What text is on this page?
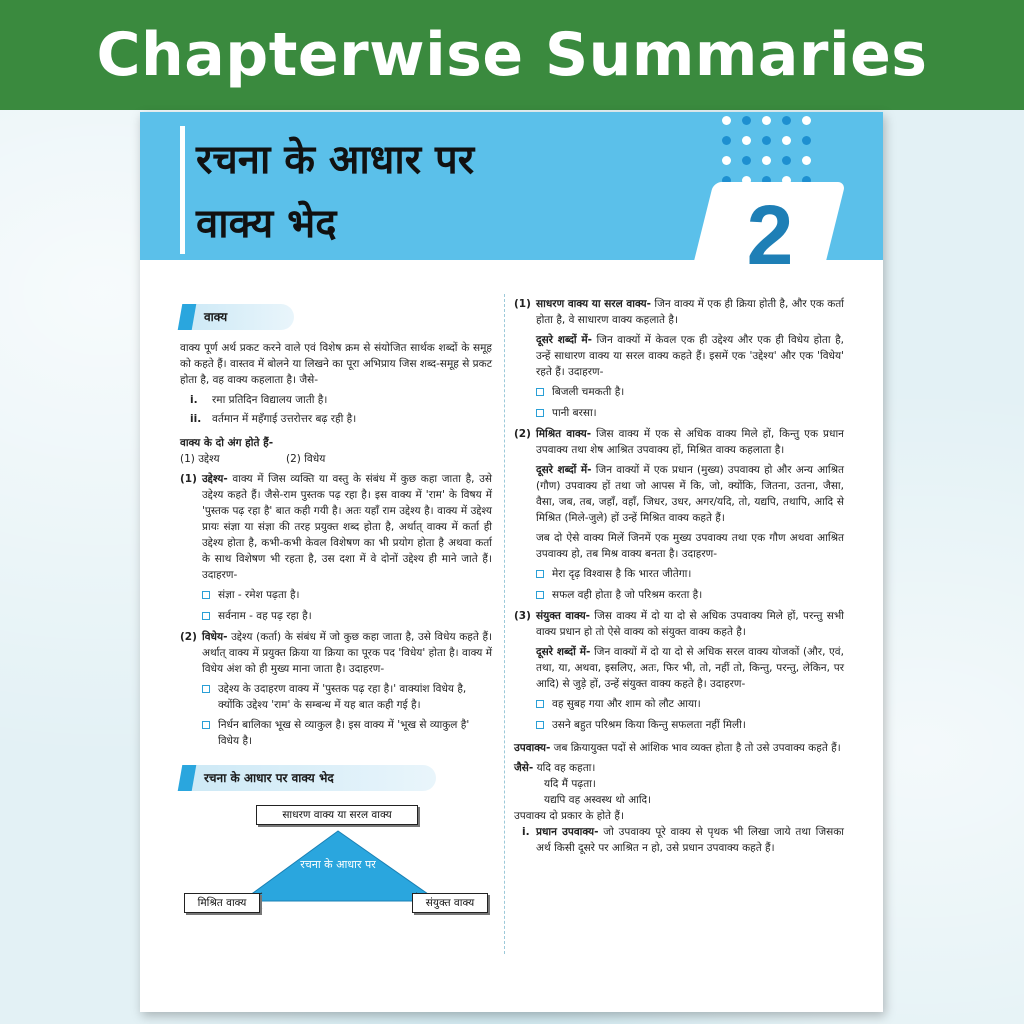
Chapterwise Summaries
रचना के आधार पर
वाक्य भेद	2
वाक्य

वाक्य पूर्ण अर्थ प्रकट करने वाले एवं विशेष क्रम से संयोजित सार्थक शब्दों के समूह को कहते हैं। वास्तव में बोलने या लिखने का पूरा अभिप्राय जिस शब्द-समूह से प्रकट होता है, वह वाक्य कहलाता है। जैसे-

i.	रमा प्रतिदिन विद्यालय जाती है।
ii.	वर्तमान में महँगाई उत्तरोत्तर बढ़ रही है।

वाक्य के दो अंग होते हैं-

(1) उद्देश्य	(2) विधेय
(1) उद्देश्य- वाक्य में जिस व्यक्ति या वस्तु के संबंध में कुछ कहा जाता है, उसे उद्देश्य कहते हैं। जैसे-राम पुस्तक पढ़ रहा है। इस वाक्य में 'राम' के विषय में 'पुस्तक पढ़ रहा है' बात कही गयी है। अतः यहाँ राम उद्देश्य है। वाक्य में उद्देश्य प्रायः संज्ञा या संज्ञा की तरह प्रयुक्त शब्द होता है, अर्थात् वाक्य में कर्ता ही उद्देश्य होता है, कभी-कभी केवल विशेषण का भी प्रयोग होता है अथवा कर्ता के साथ विशेषण भी रहता है, उस दशा में वे दोनों उद्देश्य ही माने जाते हैं। उदाहरण-
संज्ञा - रमेश पढ़ता है।
सर्वनाम - वह पढ़ रहा है।
(2) विधेय- उद्देश्य (कर्ता) के संबंध में जो कुछ कहा जाता है, उसे विधेय कहते हैं। अर्थात् वाक्य में प्रयुक्त क्रिया या क्रिया का पूरक पद 'विधेय' होता है। वाक्य में विधेय अंश को ही मुख्य माना जाता है। उदाहरण-
उद्देश्य के उदाहरण वाक्य में 'पुस्तक पढ़ रहा है।' वाक्यांश विधेय है, क्योंकि उद्देश्य 'राम' के सम्बन्ध में यह बात कही गई है।
निर्धन बालिका भूख से व्याकुल है। इस वाक्य में 'भूख से व्याकुल है' विधेय है।
रचना के आधार पर वाक्य भेद
साधरण वाक्य या सरल वाक्य
रचना के आधार पर
मिश्रित वाक्य	संयुक्त वाक्य
(1) साधरण वाक्य या सरल वाक्य- जिन वाक्य में एक ही क्रिया होती है, और एक कर्ता होता है, वे साधारण वाक्य कहलाते है।

दूसरे शब्दों में- जिन वाक्यों में केवल एक ही उद्देश्य और एक ही विधेय होता है, उन्हें साधारण वाक्य या सरल वाक्य कहते हैं। इसमें एक 'उद्देश्य' और एक 'विधेय' रहते हैं। उदाहरण-

बिजली चमकती है।
पानी बरसा।
(2) मिश्रित वाक्य- जिस वाक्य में एक से अधिक वाक्य मिले हों, किन्तु एक प्रधान उपवाक्य तथा शेष आश्रित उपवाक्य हों, मिश्रित वाक्य कहलाता है।

दूसरे शब्दों में- जिन वाक्यों में एक प्रधान (मुख्य) उपवाक्य हो और अन्य आश्रित (गौण) उपवाक्य हों तथा जो आपस में कि, जो, क्योंकि, जितना, उतना, जैसा, वैसा, जब, तब, जहाँ, वहाँ, जिधर, उधर, अगर/यदि, तो, यद्यपि, तथापि, आदि से मिश्रित (मिले-जुले) हों उन्हें मिश्रित वाक्य कहते हैं।

जब दो ऐसे वाक्य मिलें जिनमें एक मुख्य उपवाक्य तथा एक गौण अथवा आश्रित उपवाक्य हो, तब मिश्र वाक्य बनता है। उदाहरण-

मेरा दृढ़ विश्वास है कि भारत जीतेगा।
सफल वही होता है जो परिश्रम करता है।
(3) संयुक्त वाक्य- जिस वाक्य में दो या दो से अधिक उपवाक्य मिले हों, परन्तु सभी वाक्य प्रधान हो तो ऐसे वाक्य को संयुक्त वाक्य कहते है।

दूसरे शब्दों में- जिन वाक्यों में दो या दो से अधिक सरल वाक्य योजकों (और, एवं, तथा, या, अथवा, इसलिए, अतः, फिर भी, तो, नहीं तो, किन्तु, परन्तु, लेकिन, पर आदि) से जुड़े हों, उन्हें संयुक्त वाक्य कहते है। उदाहरण-

वह सुबह गया और शाम को लौट आया।
उसने बहुत परिश्रम किया किन्तु सफलता नहीं मिली।

उपवाक्य- जब क्रियायुक्त पदों से आंशिक भाव व्यक्त होता है तो उसे उपवाक्य कहते हैं।

जैसे- यदि वह कहता।
यदि मैं पढ़ता।
यद्यपि वह अस्वस्थ थो आदि।
उपवाक्य दो प्रकार के होते हैं।
i. प्रधान उपवाक्य- जो उपवाक्य पूरे वाक्य से पृथक भी लिखा जाये तथा जिसका अर्थ किसी दूसरे पर आश्रित न हो, उसे प्रधान उपवाक्य कहते हैं।
